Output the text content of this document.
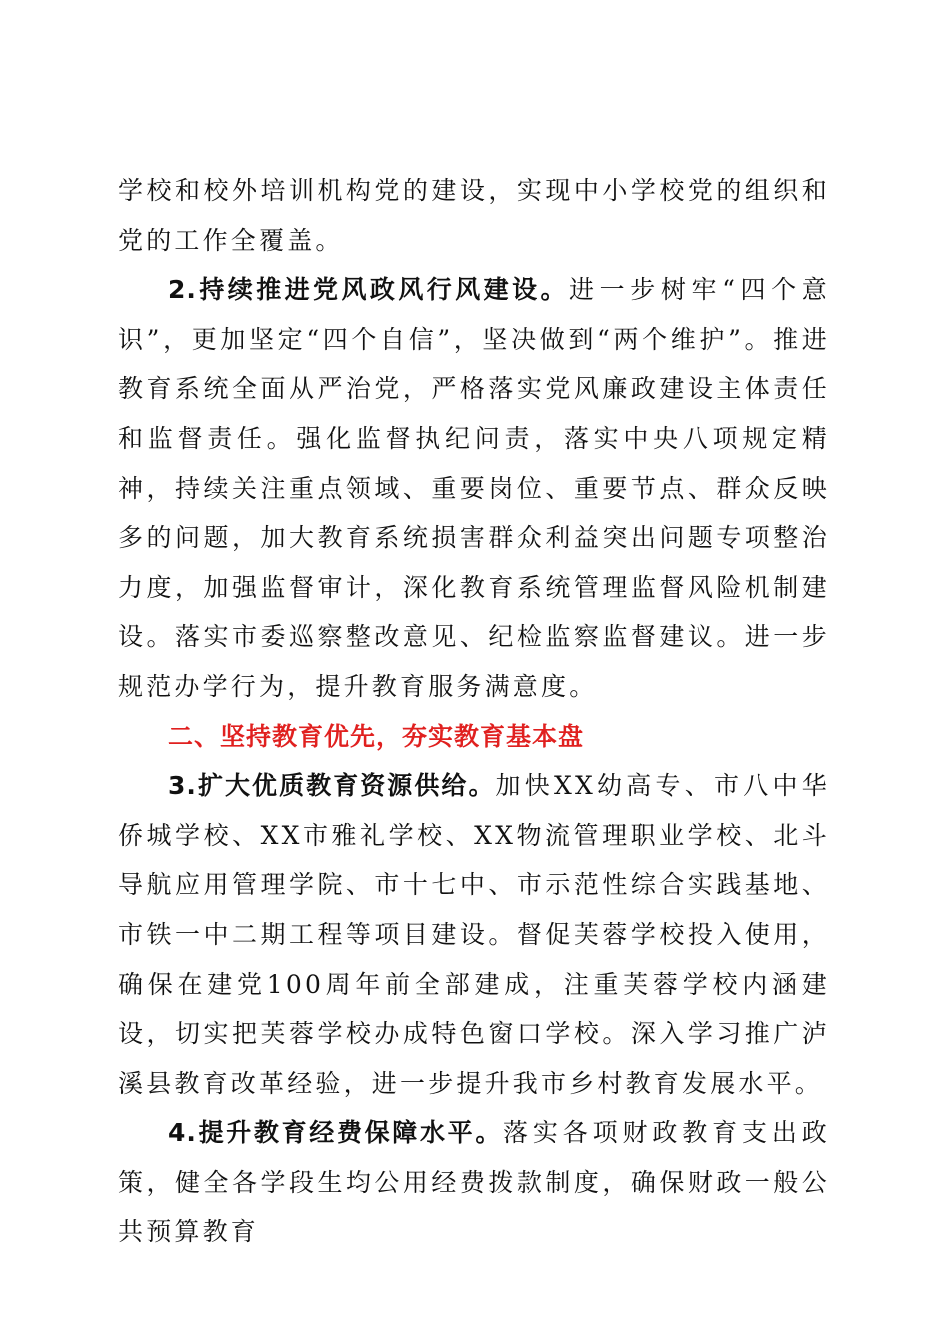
学校和校外培训机构党的建设，实现中小学校党的组织和党的工作全覆盖。

2.持续推进党风政风行风建设。进一步树牢“四个意识”，更加坚定“四个自信”，坚决做到“两个维护”。推进教育系统全面从严治党，严格落实党风廉政建设主体责任和监督责任。强化监督执纪问责，落实中央八项规定精神，持续关注重点领域、重要岗位、重要节点、群众反映多的问题，加大教育系统损害群众利益突出问题专项整治力度，加强监督审计，深化教育系统管理监督风险机制建设。落实市委巡察整改意见、纪检监察监督建议。进一步规范办学行为，提升教育服务满意度。

二、坚持教育优先，夯实教育基本盘

3.扩大优质教育资源供给。加快XX幼高专、市八中华侨城学校、XX市雅礼学校、XX物流管理职业学校、北斗导航应用管理学院、市十七中、市示范性综合实践基地、市铁一中二期工程等项目建设。督促芙蓉学校投入使用，确保在建党100周年前全部建成，注重芙蓉学校内涵建设，切实把芙蓉学校办成特色窗口学校。深入学习推广泸溪县教育改革经验，进一步提升我市乡村教育发展水平。

4.提升教育经费保障水平。落实各项财政教育支出政策，健全各学段生均公用经费拨款制度，确保财政一般公共预算教育
